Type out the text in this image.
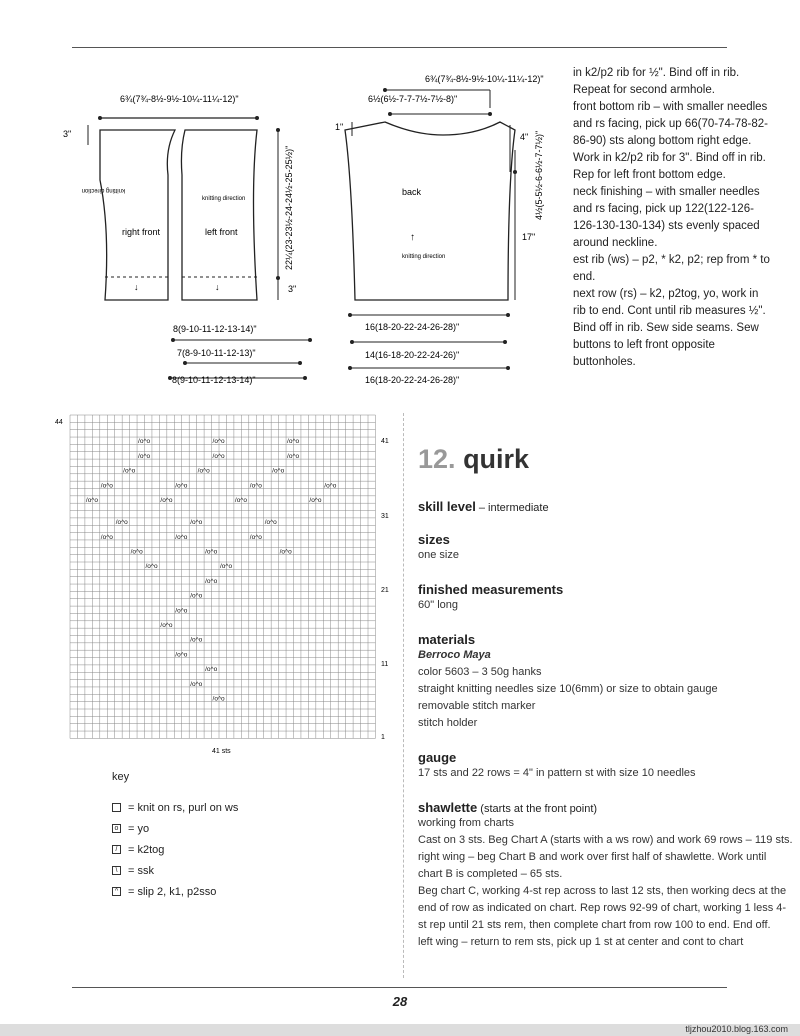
6¾(7¾-8½-9½-10¼-11¼-12)"
3"
22¼(23-23½-24-24½-25-25½)"
3"
right front	left front
knitting direction
knitting direction
↓	↓
8(9-10-11-12-13-14)"
7(8-9-10-11-12-13)"
8(9-10-11-12-13-14)"
6¾(7¾-8½-9½-10¼-11¼-12)"
6½(6½-7-7-7½-7½-8)"
1"
4" 4½(5-5½-6-6½-7-7½)"
17"
back
↑
knitting direction
16(18-20-22-24-26-28)"
14(16-18-20-22-24-26)"
16(18-20-22-24-26-28)"

in k2/p2 rib for ½". Bind off in rib. Repeat for second armhole.

front bottom rib – with smaller needles and rs facing, pick up 66(70-74-78-82-86-90) sts along bottom right edge. Work in k2/p2 rib for 3". Bind off in rib. Rep for left front bottom edge.

neck finishing – with smaller needles and rs facing, pick up 122(122-126-126-130-130-134) sts evenly spaced around neckline.

est rib (ws) – p2, * k2, p2; rep from * to end.

next row (rs) – k2, p2tog, yo, work in rib to end. Cont until rib measures ½". Bind off in rib. Sew side seams. Sew buttons to left front opposite buttonholes.

44
41
31
21
11
1
41 sts
/o^o	/o^o	/o^o
/o^o	/o^o	/o^o
/o^o	/o^o	/o^o
/o^o	/o^o	/o^o	/o^o
/o^o	/o^o	/o^o	/o^o
/o^o	/o^o	/o^o
/o^o	/o^o	/o^o
/o^o	/o^o	/o^o
/o^o	/o^o
/o^o
/o^o
/o^o
/o^o
/o^o
/o^o
/o^o
/o^o
/o^o
key
= knit on rs, purl on ws
o = yo
/ = k2tog
\ = ssk
^ = slip 2, k1, p2sso
12. quirk
skill level – intermediate
sizes
one size
finished measurements
60" long
materials
Berroco Maya
color 5603 – 3 50g hanks
straight knitting needles size 10(6mm) or size to obtain gauge
removable stitch marker
stitch holder
gauge
17 sts and 22 rows = 4" in pattern st with size 10 needles
shawlette (starts at the front point)
working from charts
Cast on 3 sts. Beg Chart A (starts with a ws row) and work 69 rows – 119 sts.
right wing – beg Chart B and work over first half of shawlette. Work until chart B is completed – 65 sts.
Beg chart C, working 4-st rep across to last 12 sts, then working decs at the end of row as indicated on chart. Rep rows 92-99 of chart, working 1 less 4-st rep until 21 sts rem, then complete chart from row 100 to end. End off.
left wing – return to rem sts, pick up 1 st at center and cont to chart
28
tljzhou2010.blog.163.com
